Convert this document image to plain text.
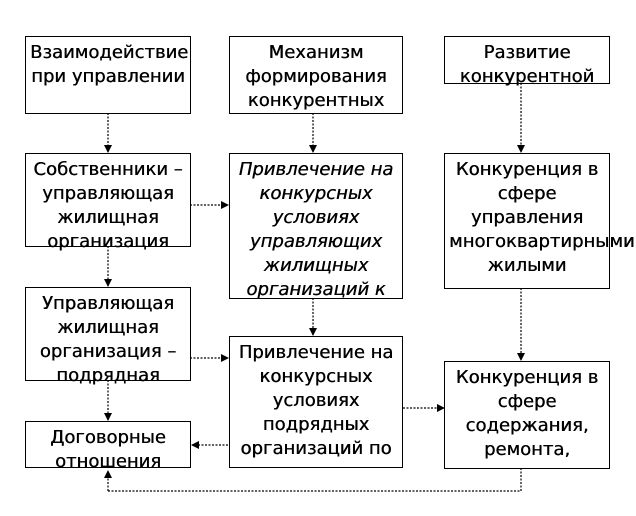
Взаимодействие при управлении
Механизм формирования конкурентных
Развитие конкурентной
Собственники – управляющая жилищная организация
Привлечение на конкурсных условиях управляющих жилищных организаций к
Конкуренция в сфере управления многоквартирными жилыми
Управляющая жилищная организация – подрядная
Привлечение на конкурсных условиях подрядных организаций по
Конкуренция в сфере содержания, ремонта,
Договорные отношения
